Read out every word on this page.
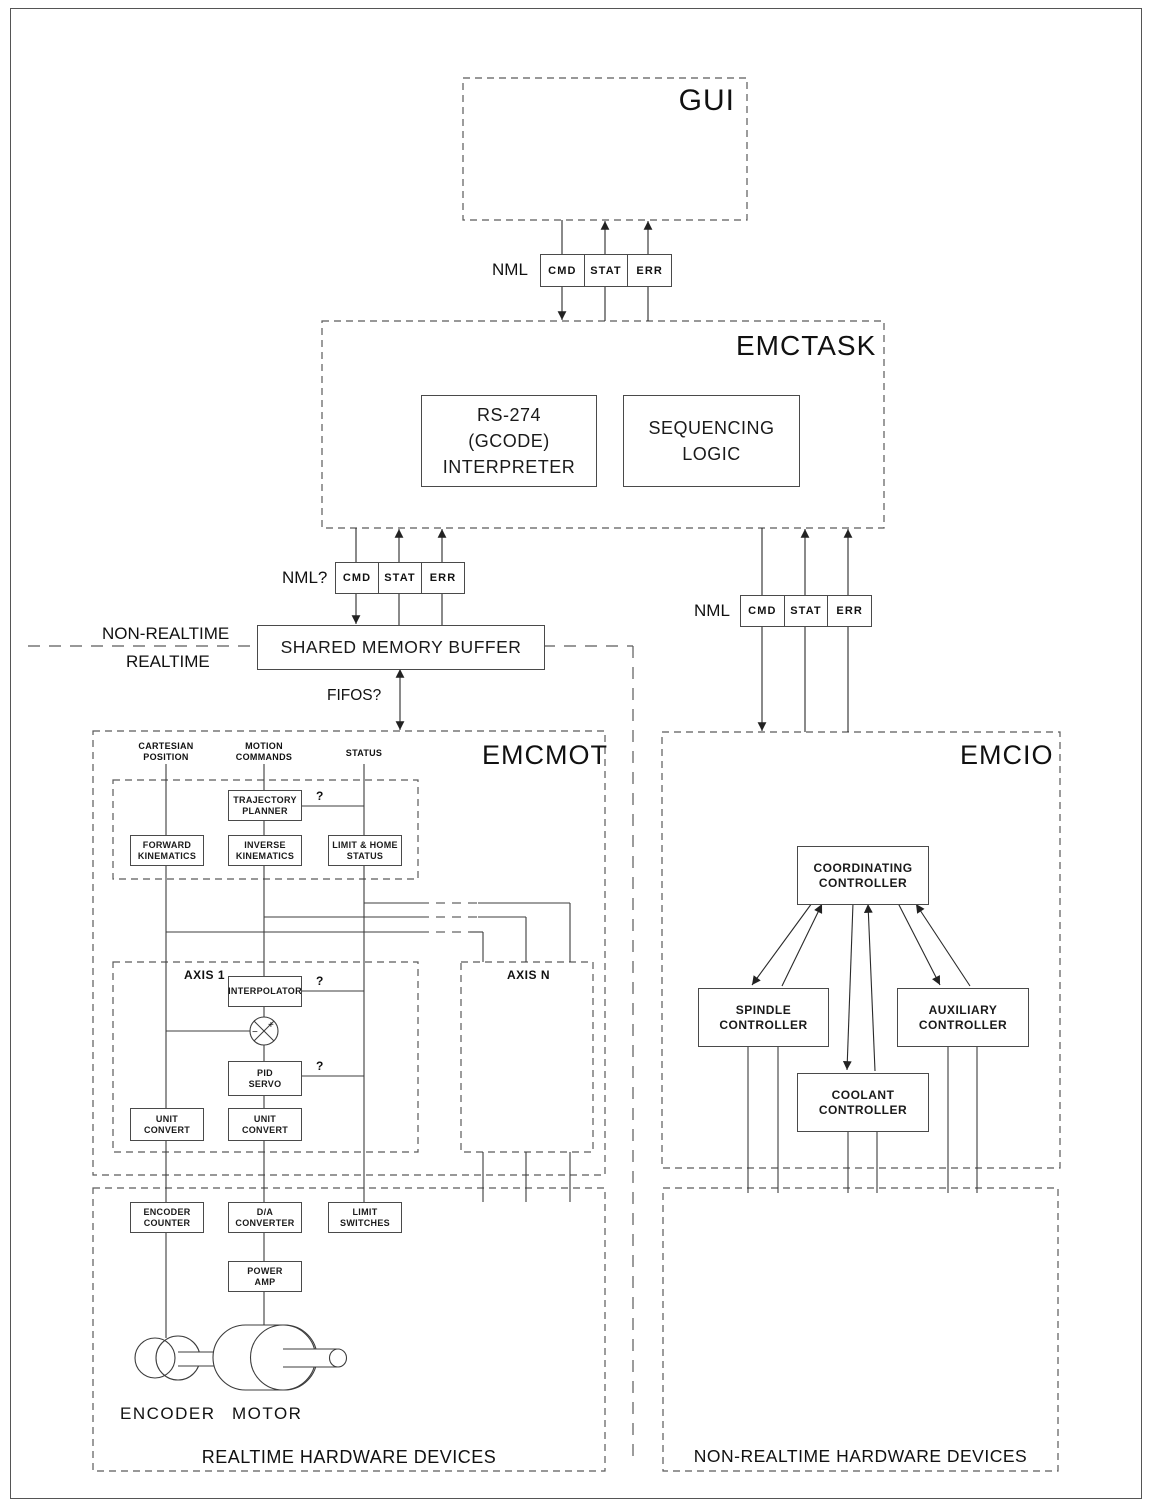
+
−
GUI
EMCTASK
EMCMOT	EMCIO
NML
NML?
NML
NON-REALTIME
REALTIME
FIFOS?
CMD	STAT	ERR
CMD	STAT	ERR
CMD	STAT	ERR
RS-274
(GCODE)
INTERPRETER
SEQUENCING
LOGIC
SHARED MEMORY BUFFER
CARTESIAN
POSITION
MOTION
COMMANDS	STATUS
TRAJECTORY
PLANNER
FORWARD
KINEMATICS
INVERSE
KINEMATICS
LIMIT & HOME
STATUS
AXIS 1	AXIS N
INTERPOLATOR
PID
SERVO
UNIT
CONVERT
UNIT
CONVERT
?
?
?
COORDINATING
CONTROLLER
SPINDLE
CONTROLLER
AUXILIARY
CONTROLLER
COOLANT
CONTROLLER
ENCODER
COUNTER
D/A
CONVERTER
LIMIT
SWITCHES
POWER
AMP
ENCODER MOTOR
REALTIME HARDWARE DEVICES	NON-REALTIME HARDWARE DEVICES
